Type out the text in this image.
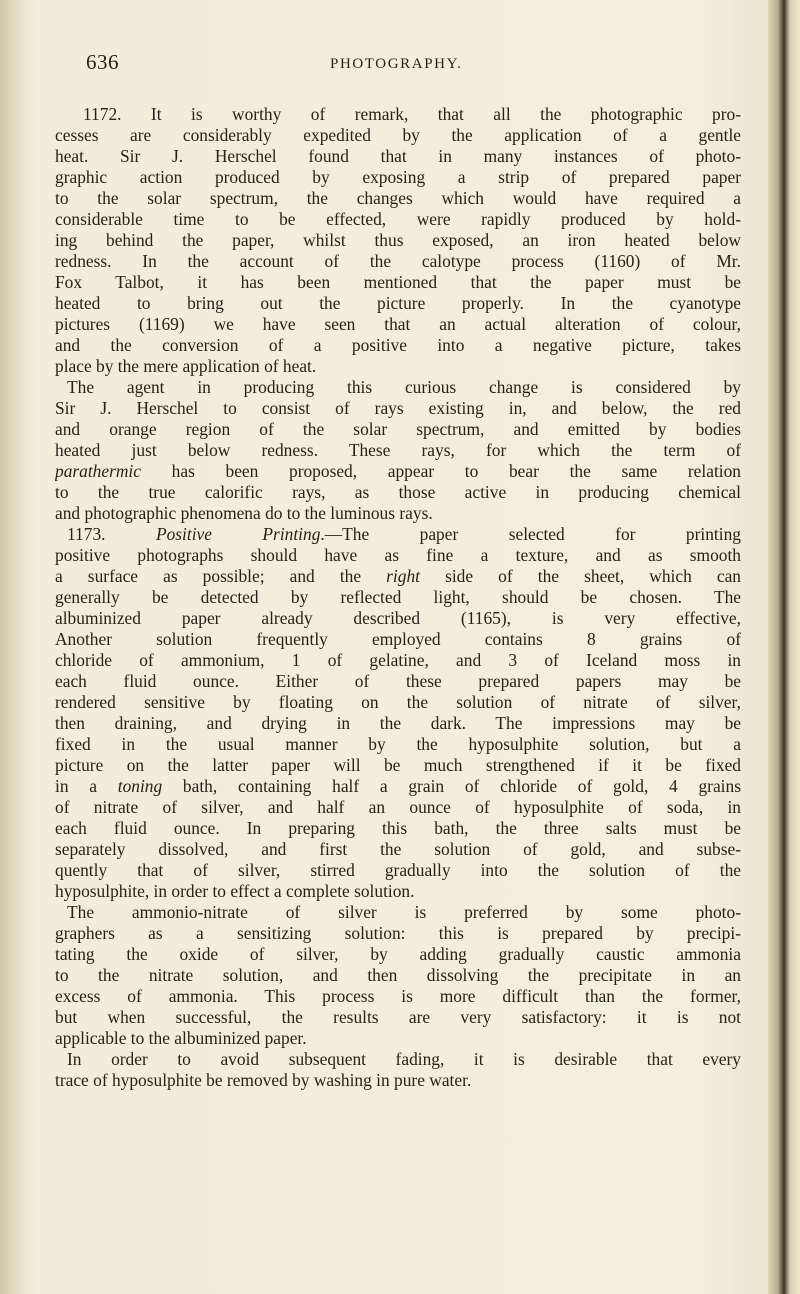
636	PHOTOGRAPHY.
1172. It is worthy of remark, that all the photographic pro-
cesses are considerably expedited by the application of a gentle
heat. Sir J. Herschel found that in many instances of photo-
graphic action produced by exposing a strip of prepared paper
to the solar spectrum, the changes which would have required a
considerable time to be effected, were rapidly produced by hold-
ing behind the paper, whilst thus exposed, an iron heated below
redness. In the account of the calotype process (1160) of Mr.
Fox Talbot, it has been mentioned that the paper must be
heated to bring out the picture properly. In the cyanotype
pictures (1169) we have seen that an actual alteration of colour,
and the conversion of a positive into a negative picture, takes
place by the mere application of heat.
The agent in producing this curious change is considered by
Sir J. Herschel to consist of rays existing in, and below, the red
and orange region of the solar spectrum, and emitted by bodies
heated just below redness. These rays, for which the term of
parathermic has been proposed, appear to bear the same relation
to the true calorific rays, as those active in producing chemical
and photographic phenomena do to the luminous rays.
1173. Positive Printing.—The paper selected for printing
positive photographs should have as fine a texture, and as smooth
a surface as possible; and the right side of the sheet, which can
generally be detected by reflected light, should be chosen. The
albuminized paper already described (1165), is very effective,
Another solution frequently employed contains 8 grains of
chloride of ammonium, 1 of gelatine, and 3 of Iceland moss in
each fluid ounce. Either of these prepared papers may be
rendered sensitive by floating on the solution of nitrate of silver,
then draining, and drying in the dark. The impressions may be
fixed in the usual manner by the hyposulphite solution, but a
picture on the latter paper will be much strengthened if it be fixed
in a toning bath, containing half a grain of chloride of gold, 4 grains
of nitrate of silver, and half an ounce of hyposulphite of soda, in
each fluid ounce. In preparing this bath, the three salts must be
separately dissolved, and first the solution of gold, and subse-
quently that of silver, stirred gradually into the solution of the
hyposulphite, in order to effect a complete solution.
The ammonio-nitrate of silver is preferred by some photo-
graphers as a sensitizing solution: this is prepared by precipi-
tating the oxide of silver, by adding gradually caustic ammonia
to the nitrate solution, and then dissolving the precipitate in an
excess of ammonia. This process is more difficult than the former,
but when successful, the results are very satisfactory: it is not
applicable to the albuminized paper.
In order to avoid subsequent fading, it is desirable that every
trace of hyposulphite be removed by washing in pure water.
